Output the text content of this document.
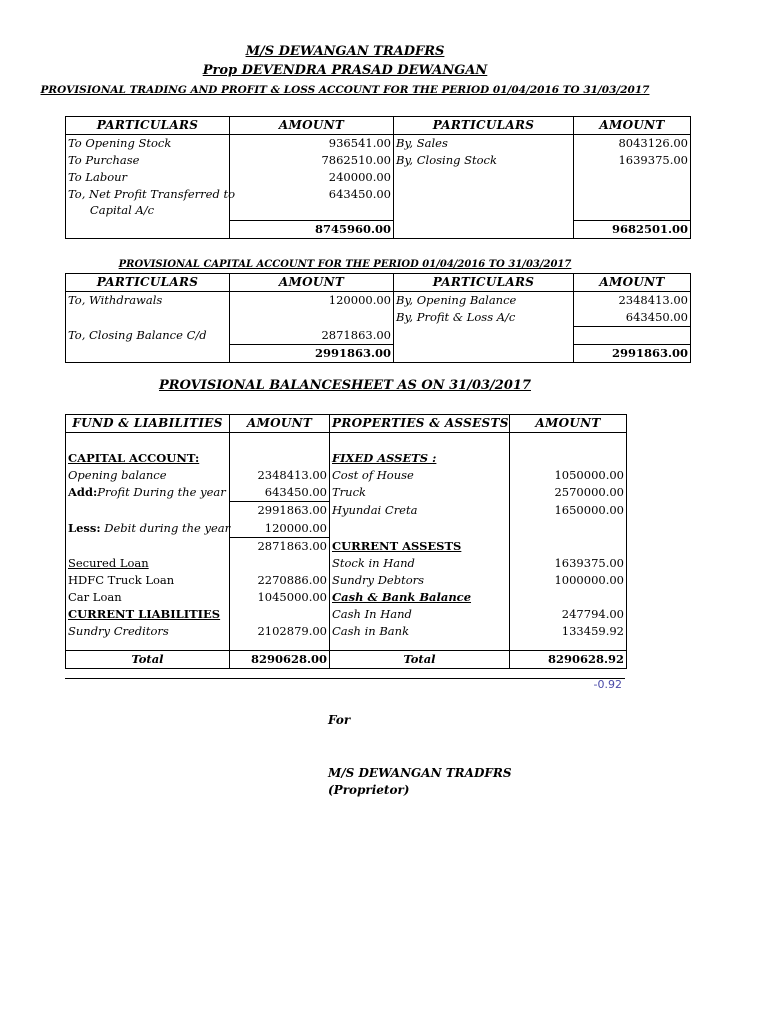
M/S DEWANGAN TRADFRS
Prop DEVENDRA PRASAD DEWANGAN
PROVISIONAL TRADING AND PROFIT & LOSS ACCOUNT FOR THE PERIOD 01/04/2016 TO 31/03/2017
PARTICULARS	AMOUNT	PARTICULARS	AMOUNT
To Opening Stock	936541.00	By, Sales	8043126.00
To Purchase	7862510.00	By, Closing Stock	1639375.00
To Labour	240000.00		
To, Net Profit Transferred to
Capital A/c	643450.00		
	8745960.00		9682501.00
PROVISIONAL CAPITAL ACCOUNT FOR THE PERIOD 01/04/2016 TO 31/03/2017
PARTICULARS	AMOUNT	PARTICULARS	AMOUNT
To, Withdrawals	120000.00	By, Opening Balance	2348413.00
		By, Profit & Loss A/c	643450.00
To, Closing Balance C/d	2871863.00		
	2991863.00		2991863.00
PROVISIONAL BALANCESHEET AS ON 31/03/2017
FUND & LIABILITIES	AMOUNT	PROPERTIES & ASSESTS	AMOUNT

CAPITAL ACCOUNT:		FIXED ASSETS :	
Opening balance	2348413.00	Cost of House	1050000.00
Add:Profit During the year	643450.00	Truck	2570000.00
	2991863.00	Hyundai Creta	1650000.00
Less: Debit during the year	120000.00		
	2871863.00	CURRENT ASSESTS	
Secured Loan		Stock in Hand	1639375.00
HDFC Truck Loan	2270886.00	Sundry Debtors	1000000.00
Car Loan	1045000.00	Cash & Bank Balance	
CURRENT LIABILITIES		Cash In Hand	247794.00
Sundry Creditors	2102879.00	Cash in Bank	133459.92

Total	8290628.00	Total	8290628.92
-0.92
For
M/S DEWANGAN TRADFRS
(Proprietor)
